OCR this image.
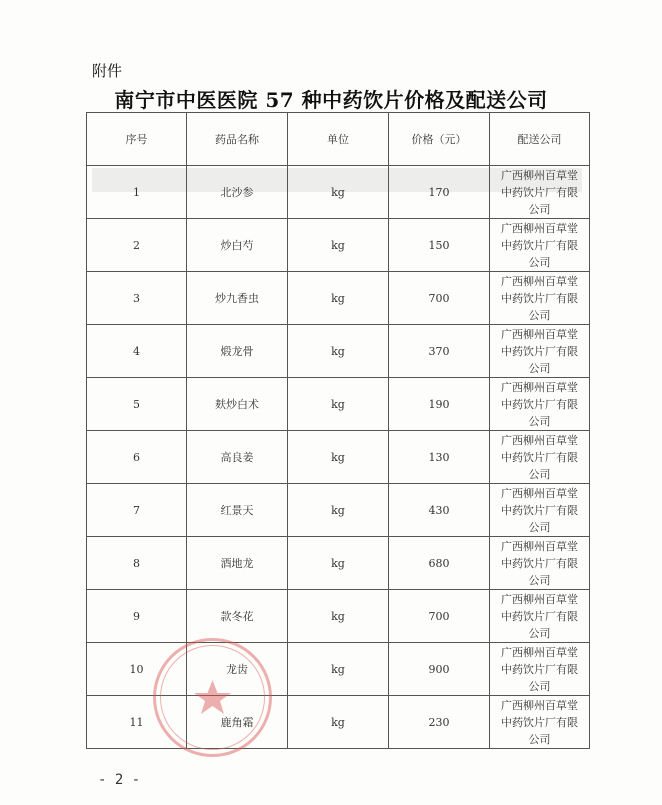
附件
南宁市中医医院 57 种中药饮片价格及配送公司
序号	药品名称	单位	价格（元）	配送公司
1	北沙参	kg	170	广西柳州百草堂
中药饮片厂有限
公司

2	炒白芍	kg	150	广西柳州百草堂
中药饮片厂有限
公司

3	炒九香虫	kg	700	广西柳州百草堂
中药饮片厂有限
公司

4	煅龙骨	kg	370	广西柳州百草堂
中药饮片厂有限
公司

5	麸炒白术	kg	190	广西柳州百草堂
中药饮片厂有限
公司

6	高良姜	kg	130	广西柳州百草堂
中药饮片厂有限
公司

7	红景天	kg	430	广西柳州百草堂
中药饮片厂有限
公司

8	酒地龙	kg	680	广西柳州百草堂
中药饮片厂有限
公司

9	款冬花	kg	700	广西柳州百草堂
中药饮片厂有限
公司

10	龙齿	kg	900	广西柳州百草堂
中药饮片厂有限
公司

11	鹿角霜	kg	230	广西柳州百草堂
中药饮片厂有限
公司
- 2 -
